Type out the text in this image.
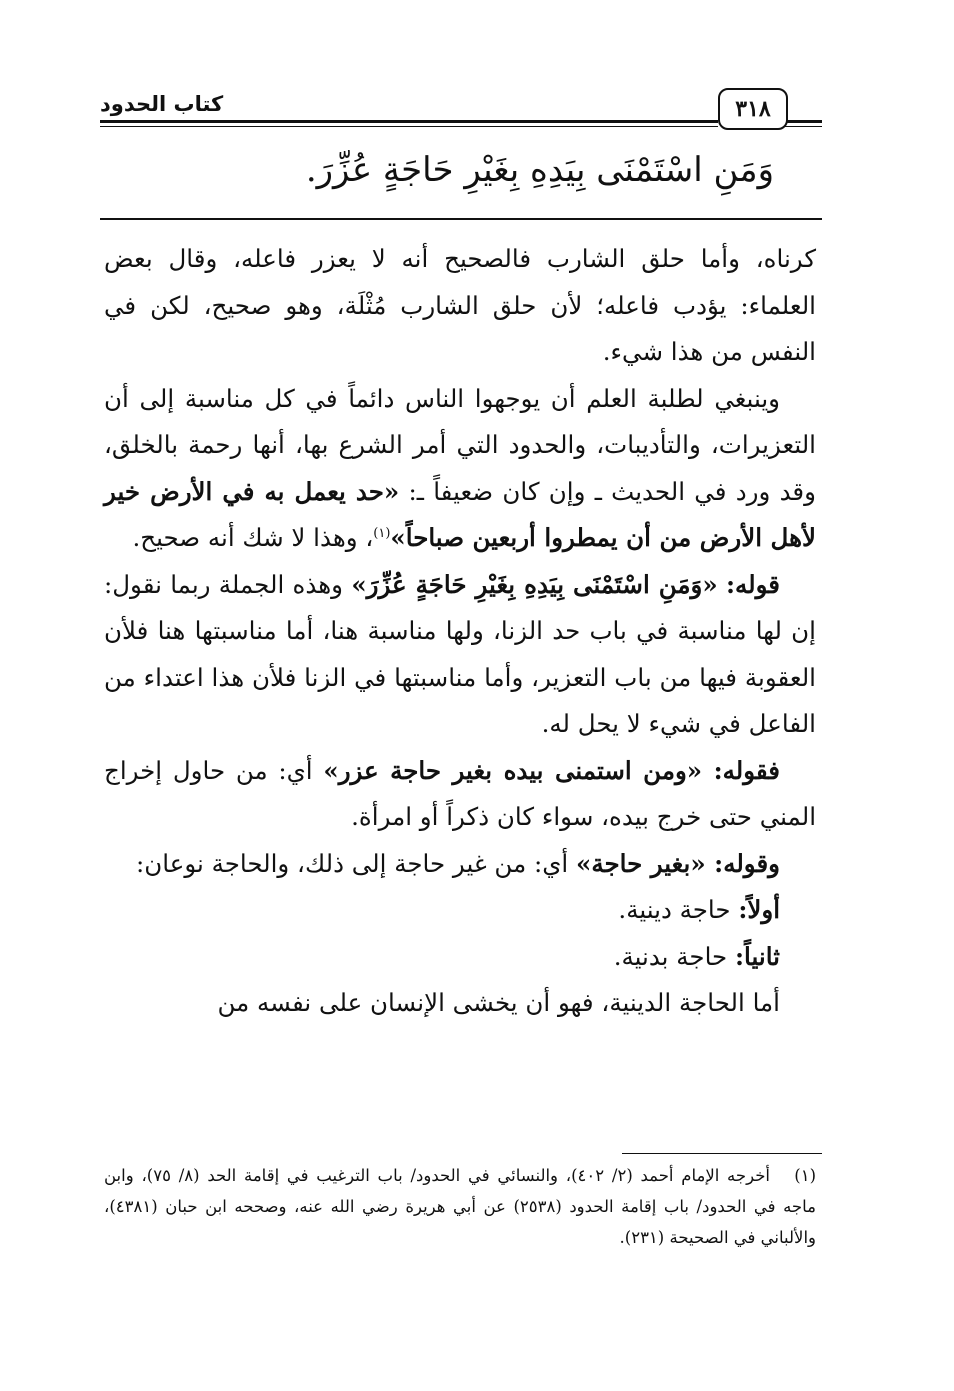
كتاب الحدود	٣١٨
وَمَنِ اسْتَمْنَى بِيَدِهِ بِغَيْرِ حَاجَةٍ عُزِّرَ.

كرناه، وأما حلق الشارب فالصحيح أنه لا يعزر فاعله، وقال بعض العلماء: يؤدب فاعله؛ لأن حلق الشارب مُثْلَة، وهو صحيح، لكن في النفس من هذا شيء.

وينبغي لطلبة العلم أن يوجهوا الناس دائماً في كل مناسبة إلى أن التعزيرات، والتأديبات، والحدود التي أمر الشرع بها، أنها رحمة بالخلق، وقد ورد في الحديث ـ وإن كان ضعيفاً ـ: «حد يعمل به في الأرض خير لأهل الأرض من أن يمطروا أربعين صباحاً»$^{(١)}$، وهذا لا شك أنه صحيح.

قوله: «وَمَنِ اسْتَمْنَى بِيَدِهِ بِغَيْرِ حَاجَةٍ عُزِّرَ» وهذه الجملة ربما نقول: إن لها مناسبة في باب حد الزنا، ولها مناسبة هنا، أما مناسبتها هنا فلأن العقوبة فيها من باب التعزير، وأما مناسبتها في الزنا فلأن هذا اعتداء من الفاعل في شيء لا يحل له.

فقوله: «ومن استمنى بيده بغير حاجة عزر» أي: من حاول إخراج المني حتى خرج بيده، سواء كان ذكراً أو امرأة.

وقوله: «بغير حاجة» أي: من غير حاجة إلى ذلك، والحاجة نوعان:

أولاً: حاجة دينية.

ثانياً: حاجة بدنية.

أما الحاجة الدينية، فهو أن يخشى الإنسان على نفسه من

(١)أخرجه الإمام أحمد (٢/ ٤٠٢)، والنسائي في الحدود/ باب الترغيب في إقامة الحد (٨/ ٧٥)، وابن ماجه في الحدود/ باب إقامة الحدود (٢٥٣٨) عن أبي هريرة رضي الله عنه، وصححه ابن حبان (٤٣٨١)، والألباني في الصحيحة (٢٣١).
